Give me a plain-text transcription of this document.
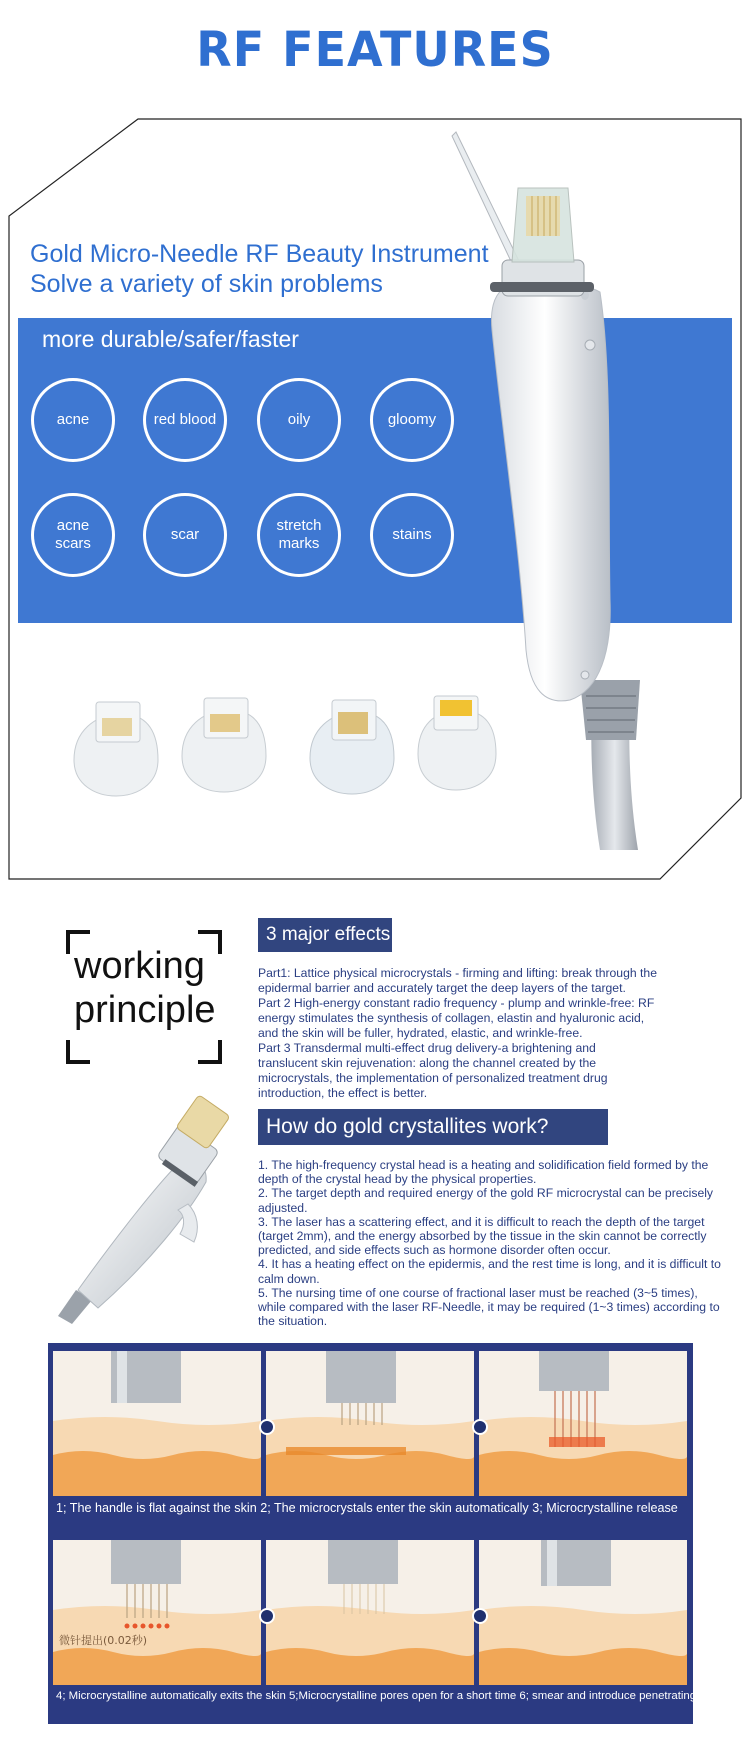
RF FEATURES
Gold Micro-Needle RF Beauty Instrument
Solve a variety of skin problems
more durable/safer/faster
acne	red blood	oily	gloomy
acne
scars
scar
stretch
marks
stains
working
principle
3 major effects

Part1: Lattice physical microcrystals - firming and lifting: break through the epidermal barrier and accurately target the deep layers of the target.

Part 2 High-energy constant radio frequency - plump and wrinkle-free: RF energy stimulates the synthesis of collagen, elastin and hyaluronic acid, and the skin will be fuller, hydrated, elastic, and wrinkle-free.

Part 3 Transdermal multi-effect drug delivery-a brightening and translucent skin rejuvenation: along the channel created by the microcrystals, the implementation of personalized treatment drug introduction, the effect is better.

How do gold crystallites work?

1. The high-frequency crystal head is a heating and solidification field formed by the depth of the crystal head by the physical properties.

2. The target depth and required energy of the gold RF microcrystal can be precisely adjusted.

3. The laser has a scattering effect, and it is difficult to reach the depth of the target (target 2mm), and the energy absorbed by the tissue in the skin cannot be correctly predicted, and side effects such as hormone disorder often occur.

4. It has a heating effect on the epidermis, and the rest time is long, and it is difficult to calm down.

5. The nursing time of one course of fractional laser must be reached (3~5 times), while compared with the laser RF-Needle, it may be required (1~3 times) according to the situation.

1; The handle is flat against the skin 2; The microcrystals enter the skin automatically 3; Microcrystalline release
微针提出(0.02秒)
4; Microcrystalline automatically exits the skin 5;Microcrystalline pores open for a short time 6; smear and introduce penetrating liquid
